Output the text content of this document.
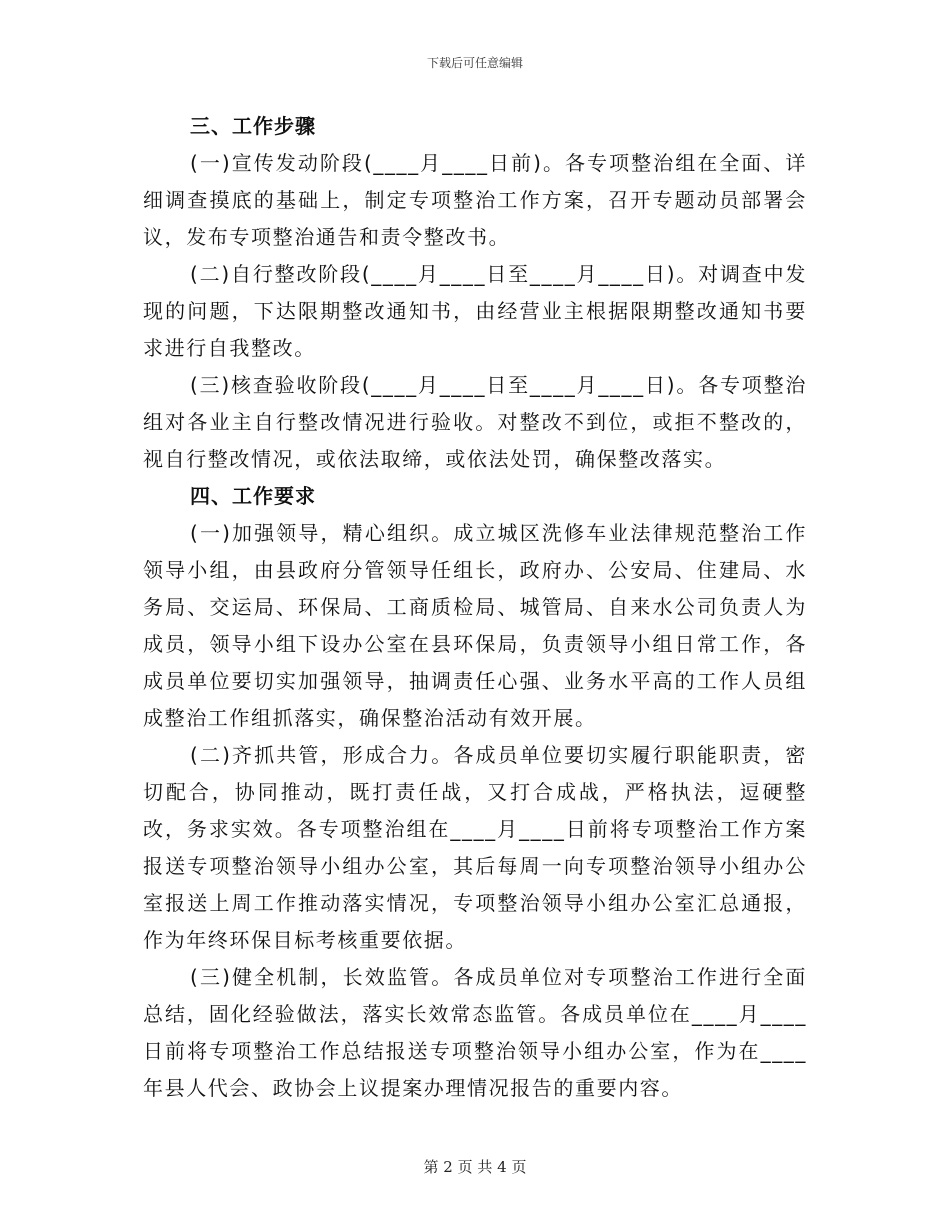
下载后可任意编辑
三、工作步骤

(一)宣传发动阶段(____月____日前)。各专项整治组在全面、详细调查摸底的基础上，制定专项整治工作方案，召开专题动员部署会议，发布专项整治通告和责令整改书。

(二)自行整改阶段(____月____日至____月____日)。对调查中发现的问题，下达限期整改通知书，由经营业主根据限期整改通知书要求进行自我整改。

(三)核查验收阶段(____月____日至____月____日)。各专项整治组对各业主自行整改情况进行验收。对整改不到位，或拒不整改的，视自行整改情况，或依法取缔，或依法处罚，确保整改落实。

四、工作要求

(一)加强领导，精心组织。成立城区洗修车业法律规范整治工作领导小组，由县政府分管领导任组长，政府办、公安局、住建局、水务局、交运局、环保局、工商质检局、城管局、自来水公司负责人为成员，领导小组下设办公室在县环保局，负责领导小组日常工作，各成员单位要切实加强领导，抽调责任心强、业务水平高的工作人员组成整治工作组抓落实，确保整治活动有效开展。

(二)齐抓共管，形成合力。各成员单位要切实履行职能职责，密切配合，协同推动，既打责任战，又打合成战，严格执法，逗硬整改，务求实效。各专项整治组在____月____日前将专项整治工作方案报送专项整治领导小组办公室，其后每周一向专项整治领导小组办公室报送上周工作推动落实情况，专项整治领导小组办公室汇总通报，作为年终环保目标考核重要依据。

(三)健全机制，长效监管。各成员单位对专项整治工作进行全面总结，固化经验做法，落实长效常态监管。各成员单位在____月____日前将专项整治工作总结报送专项整治领导小组办公室，作为在____年县人代会、政协会上议提案办理情况报告的重要内容。

第 2 页 共 4 页
